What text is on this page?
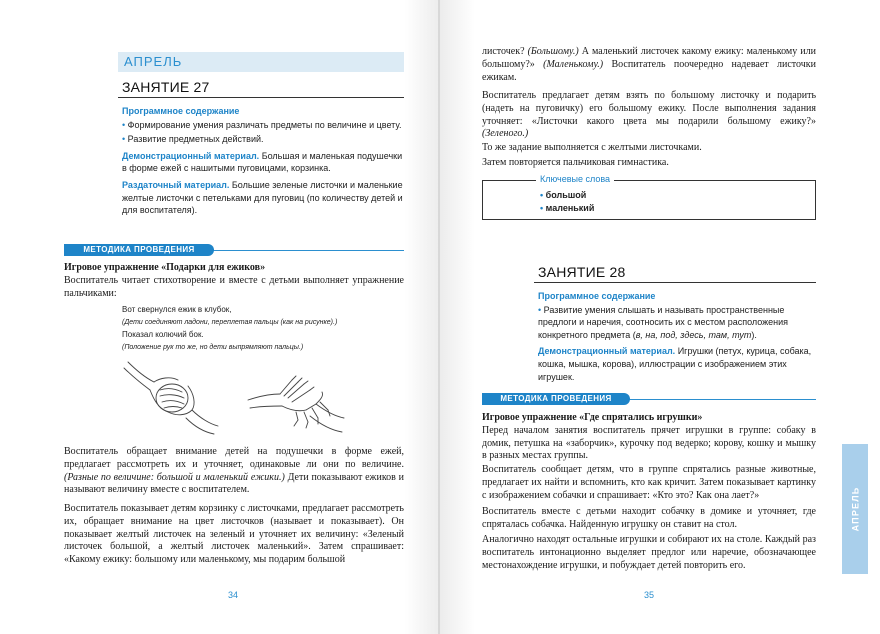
АПРЕЛЬ
ЗАНЯТИЕ 27
Программное содержание
• Формирование умения различать предметы по величине и цвету.
• Развитие предметных действий.
Демонстрационный материал. Большая и маленькая подушечки в форме ежей с нашитыми пуговицами, корзинка.
Раздаточный материал. Большие зеленые листочки и маленькие желтые листочки с петельками для пуговиц (по количеству детей и для воспитателя).
МЕТОДИКА ПРОВЕДЕНИЯ
Игровое упражнение «Подарки для ежиков»
Воспитатель читает стихотворение и вместе с детьми выполняет упражнение пальчиками:
Вот свернулся ежик в клубок,
(Дети соединяют ладони, переплетая пальцы (как на рисунке).)
Показал колючий бок.
(Положение рук то же, но дети выпрямляют пальцы.)
Воспитатель обращает внимание детей на подушечки в форме ежей, предлагает рассмотреть их и уточняет, одинаковые ли они по величине. (Разные по величине: большой и маленький ежики.) Дети показывают ежиков и называют величину вместе с воспитателем.
Воспитатель показывает детям корзинку с листочками, предлагает рассмотреть их, обращает внимание на цвет листочков (называет и показывает). Он показывает желтый листочек на зеленый и уточняет их величину: «Зеленый листочек большой, а желтый листочек маленький». Затем спрашивает: «Какому ежику: большому или маленькому, мы подарим большой
34
листочек? (Большому.) А маленький листочек какому ежику: маленькому или большому?» (Маленькому.) Воспитатель поочередно надевает листочки ежикам.
Воспитатель предлагает детям взять по большому листочку и подарить (надеть на пуговичку) его большому ежику. После выполнения задания уточняет: «Листочки какого цвета мы подарили большому ежику?» (Зеленого.)
То же задание выполняется с желтыми листочками.
Затем повторяется пальчиковая гимнастика.
Ключевые слова
• большой
• маленький
ЗАНЯТИЕ 28
Программное содержание
• Развитие умения слышать и называть пространственные предлоги и наречия, соотносить их с местом расположения конкретного предмета (в, на, под, здесь, там, тут).
Демонстрационный материал. Игрушки (петух, курица, собака, кошка, мышка, корова), иллюстрации с изображением этих игрушек.
МЕТОДИКА ПРОВЕДЕНИЯ
Игровое упражнение «Где спрятались игрушки»
Перед началом занятия воспитатель прячет игрушки в группе: собаку в домик, петушка на «заборчик», курочку под ведерко; корову, кошку и мышку в разных местах группы.
Воспитатель сообщает детям, что в группе спрятались разные животные, предлагает их найти и вспомнить, кто как кричит. Затем показывает картинку с изображением собачки и спрашивает: «Кто это? Как она лает?»
Воспитатель вместе с детьми находит собачку в домике и уточняет, где спряталась собачка. Найденную игрушку он ставит на стол.
Аналогично находят остальные игрушки и собирают их на столе. Каждый раз воспитатель интонационно выделяет предлог или наречие, обозначающее местонахождение игрушки, и побуждает детей повторить его.
АПРЕЛЬ
35
